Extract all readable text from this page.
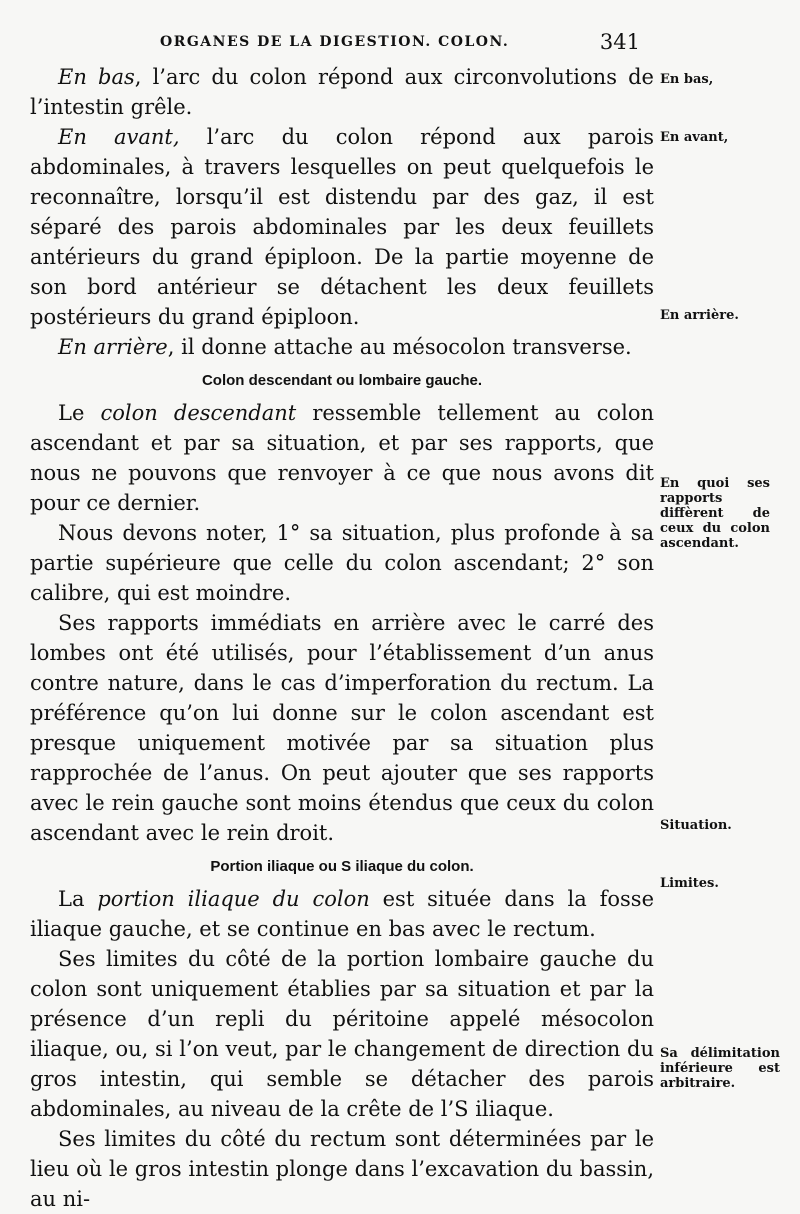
ORGANES DE LA DIGESTION. COLON.	341

En bas, l’arc du colon répond aux circonvolutions de l’intestin grêle.

En avant, l’arc du colon répond aux parois abdominales, à travers lesquelles on peut quelquefois le reconnaître, lorsqu’il est distendu par des gaz, il est séparé des parois abdominales par les deux feuillets antérieurs du grand épiploon. De la partie moyenne de son bord antérieur se détachent les deux feuillets postérieurs du grand épiploon.

En arrière, il donne attache au mésocolon transverse.

Colon descendant ou lombaire gauche.

Le colon descendant ressemble tellement au colon ascendant et par sa situation, et par ses rapports, que nous ne pouvons que renvoyer à ce que nous avons dit pour ce dernier.

Nous devons noter, 1° sa situation, plus profonde à sa partie supérieure que celle du colon ascendant; 2° son calibre, qui est moindre.

Ses rapports immédiats en arrière avec le carré des lombes ont été utilisés, pour l’établissement d’un anus contre nature, dans le cas d’imperforation du rectum. La préférence qu’on lui donne sur le colon ascendant est presque uniquement motivée par sa situation plus rapprochée de l’anus. On peut ajouter que ses rapports avec le rein gauche sont moins étendus que ceux du colon ascendant avec le rein droit.

Portion iliaque ou S iliaque du colon.

La portion iliaque du colon est située dans la fosse iliaque gauche, et se continue en bas avec le rectum.

Ses limites du côté de la portion lombaire gauche du colon sont uniquement établies par sa situation et par la présence d’un repli du péritoine appelé mésocolon iliaque, ou, si l’on veut, par le changement de direction du gros intestin, qui semble se détacher des parois abdominales, au niveau de la crête de l’S iliaque.

Ses limites du côté du rectum sont déterminées par le lieu où le gros intestin plonge dans l’excavation du bassin, au ni-

En bas,
En avant,
En arrière.
En quoi ses rapports diffèrent de ceux du colon ascendant.
Situation.
Limites.
Sa délimitation inférieure est arbitraire.
